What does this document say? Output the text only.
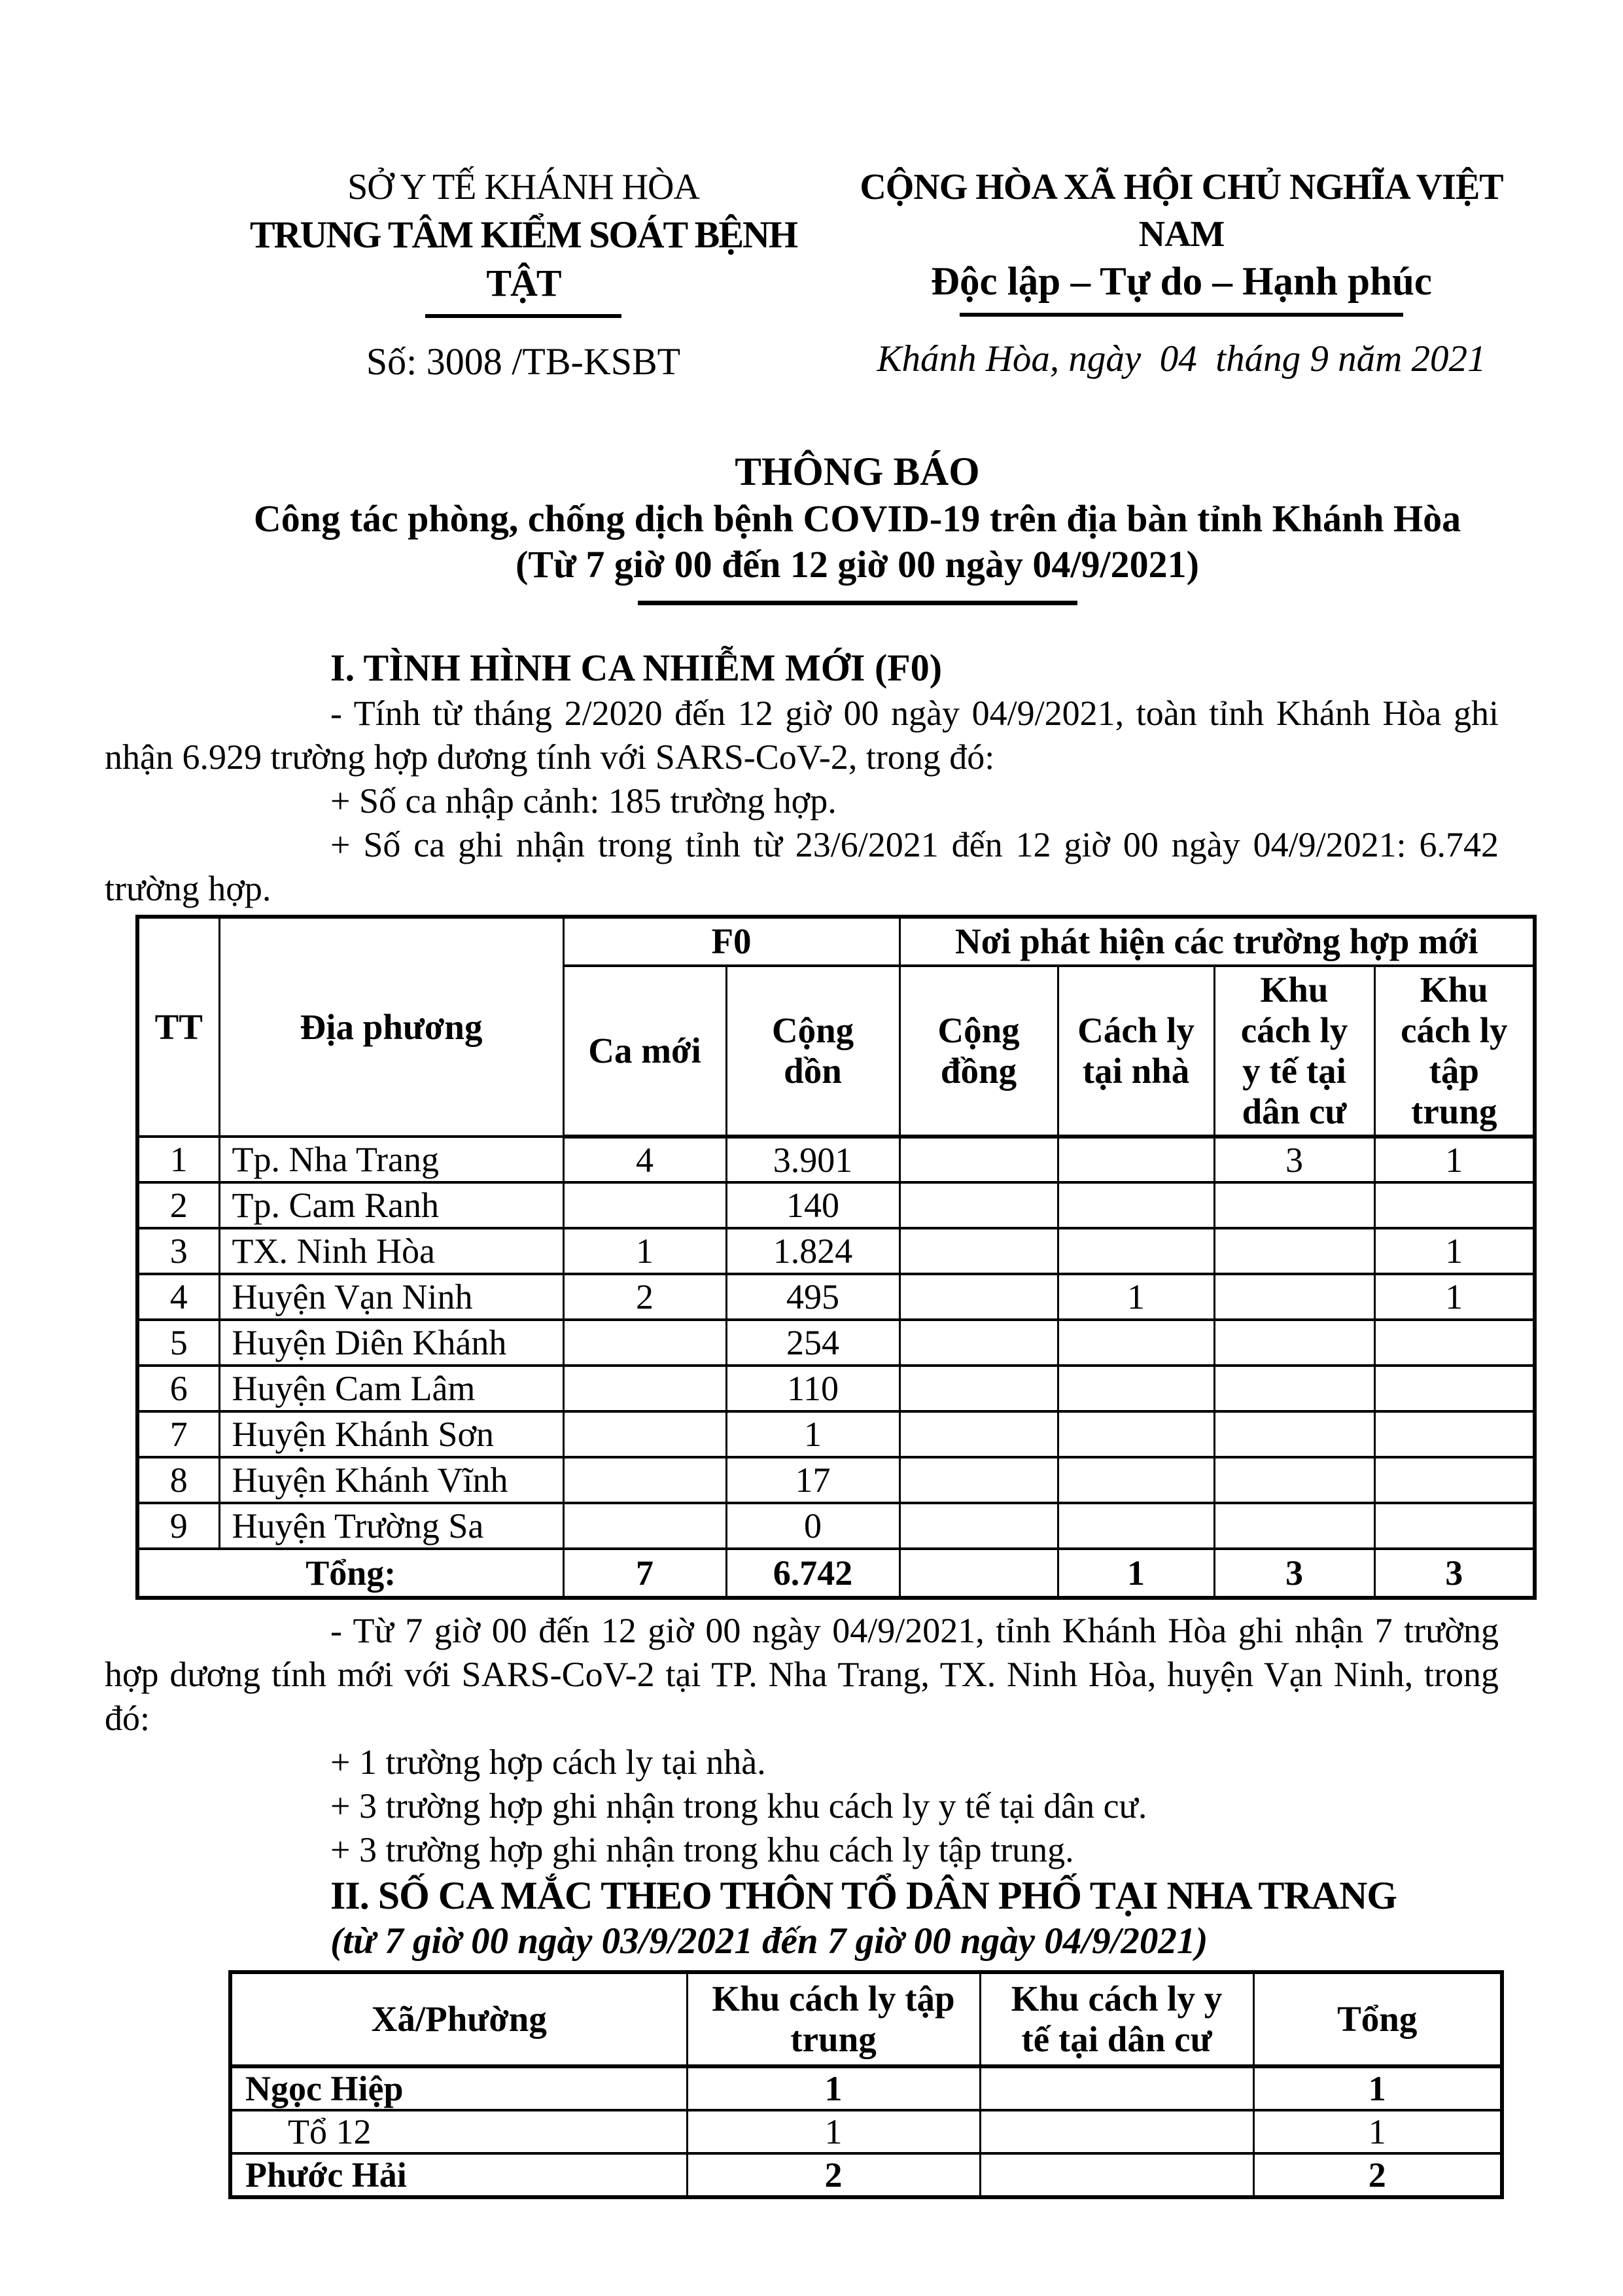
SỞ Y TẾ KHÁNH HÒA
TRUNG TÂM KIỂM SOÁT BỆNH TẬT
Số: 3008 /TB-KSBT
CỘNG HÒA XÃ HỘI CHỦ NGHĨA VIỆT NAM
Độc lập – Tự do – Hạnh phúc
Khánh Hòa, ngày  04  tháng 9 năm 2021
THÔNG BÁO
Công tác phòng, chống dịch bệnh COVID-19 trên địa bàn tỉnh Khánh Hòa
(Từ 7 giờ 00 đến 12 giờ 00 ngày 04/9/2021)

I. TÌNH HÌNH CA NHIỄM MỚI (F0)

- Tính từ tháng 2/2020 đến 12 giờ 00 ngày 04/9/2021, toàn tỉnh Khánh Hòa ghi nhận 6.929 trường hợp dương tính với SARS-CoV-2, trong đó:

+ Số ca nhập cảnh: 185 trường hợp.

+ Số ca ghi nhận trong tỉnh từ 23/6/2021 đến 12 giờ 00 ngày 04/9/2021: 6.742 trường hợp.

TT	Địa phương	F0		Nơi phát hiện các trường hợp mới			
		Ca mới	Cộng dồn	Cộng đồng	Cách ly tại nhà	Khu cách ly y tế tại dân cư	Khu cách ly tập trung
1	Tp. Nha Trang	4	3.901			3	1
2	Tp. Cam Ranh		140				
3	TX. Ninh Hòa	1	1.824				1
4	Huyện Vạn Ninh	2	495		1		1
5	Huyện Diên Khánh		254				
6	Huyện Cam Lâm		110				
7	Huyện Khánh Sơn		1				
8	Huyện Khánh Vĩnh		17				
9	Huyện Trường Sa		0				
Tổng:		7	6.742		1	3	3

- Từ 7 giờ 00 đến 12 giờ 00 ngày 04/9/2021, tỉnh Khánh Hòa ghi nhận 7 trường hợp dương tính mới với SARS-CoV-2 tại TP. Nha Trang, TX. Ninh Hòa, huyện Vạn Ninh, trong đó:

+ 1 trường hợp cách ly tại nhà.

+ 3 trường hợp ghi nhận trong khu cách ly y tế tại dân cư.

+ 3 trường hợp ghi nhận trong khu cách ly tập trung.

II. SỐ CA MẮC THEO THÔN TỔ DÂN PHỐ TẠI NHA TRANG

(từ 7 giờ 00 ngày 03/9/2021 đến 7 giờ 00 ngày 04/9/2021)

Xã/Phường	Khu cách ly tập trung	Khu cách ly y tế tại dân cư	Tổng
Ngọc Hiệp	1		1
Tổ 12	1		1
Phước Hải	2		2
